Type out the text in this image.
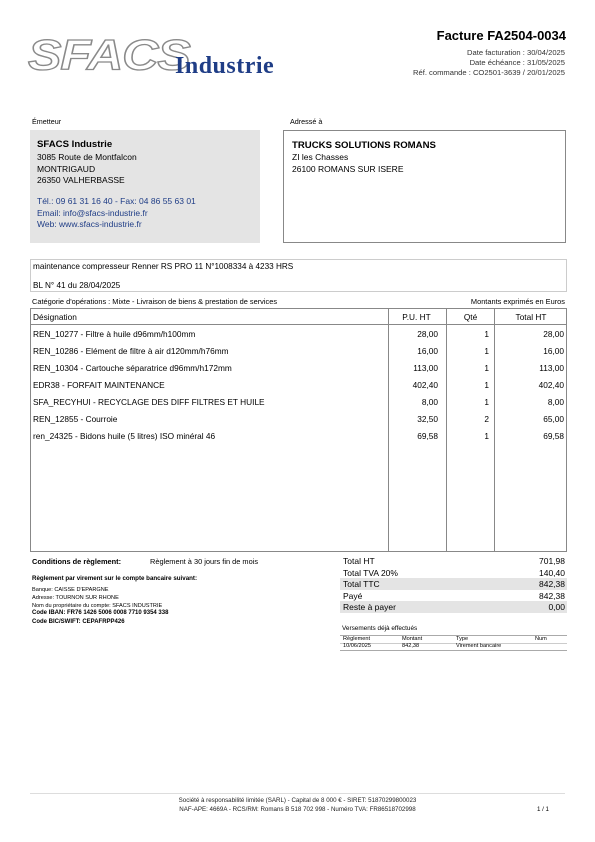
SFACS
Industrie
Facture FA2504-0034
Date facturation : 30/04/2025
Date échéance : 31/05/2025
Réf. commande : CO2501-3639 / 20/01/2025
Émetteur
SFACS Industrie
3085 Route de Montfalcon
MONTRIGAUD
26350 VALHERBASSE
Tél.: 09 61 31 16 40 - Fax: 04 86 55 63 01
Email: info@sfacs-industrie.fr
Web: www.sfacs-industrie.fr
Adressé à
TRUCKS SOLUTIONS ROMANS
ZI les Chasses
26100 ROMANS SUR ISERE
maintenance compresseur Renner RS PRO 11 N°1008334 à 4233 HRS
BL N° 41 du 28/04/2025
Catégorie d'opérations : Mixte - Livraison de biens & prestation de services	Montants exprimés en Euros
Désignation	P.U. HT	Qté	Total HT
REN_10277 - Filtre à huile d96mm/h100mm	28,00	1	28,00
REN_10286 - Elément de filtre à air d120mm/h76mm	16,00	1	16,00
REN_10304 - Cartouche séparatrice d96mm/h172mm	113,00	1	113,00
EDR38 - FORFAIT MAINTENANCE	402,40	1	402,40
SFA_RECYHUI - RECYCLAGE DES DIFF FILTRES ET HUILE	8,00	1	8,00
REN_12855 - Courroie	32,50	2	65,00
ren_24325 - Bidons huile (5 litres) ISO minéral 46	69,58	1	69,58
Conditions de règlement:	Règlement à 30 jours fin de mois
Règlement par virement sur le compte bancaire suivant:
Banque: CAISSE D'EPARGNE
Adresse: TOURNON SUR RHONE
Nom du propriétaire du compte: SFACS INDUSTRIE
Code IBAN: FR76 1426 5006 0008 7710 9354 338
Code BIC/SWIFT: CEPAFRPP426
Total HT	701,98
Total TVA 20%	140,40
Total TTC	842,38
Payé	842,38
Reste à payer	0,00
Versements déjà effectués
Règlement	Montant	Type	Num
10/06/2025	842,38	Virement bancaire
Société à responsabilité limitée (SARL) - Capital de 8 000 € - SIRET: 51870299800023
NAF-APE: 4669A - RCS/RM: Romans B 518 702 998 - Numéro TVA: FR86518702998	1 / 1
